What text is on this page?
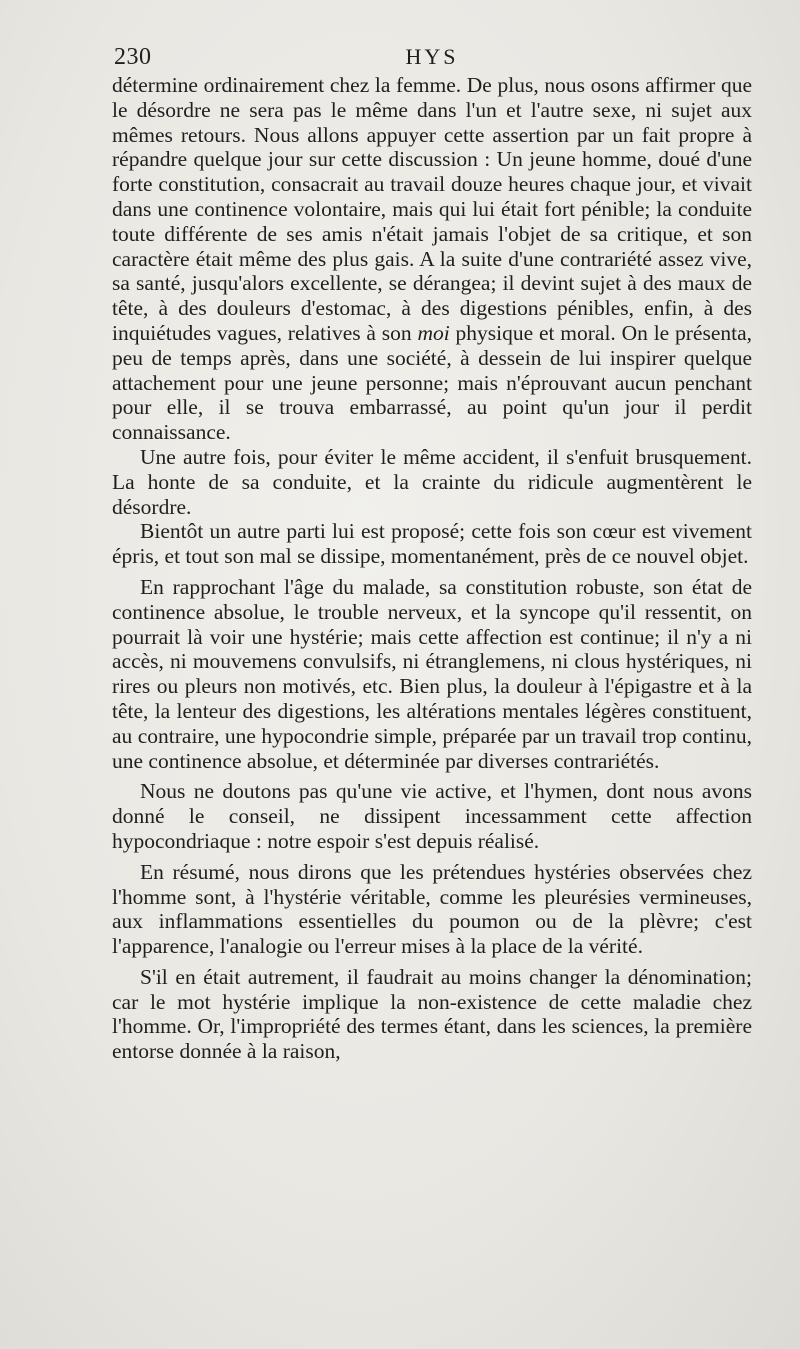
230	HYS

détermine ordinairement chez la femme. De plus, nous osons affirmer que le désordre ne sera pas le même dans l'un et l'autre sexe, ni sujet aux mêmes retours. Nous allons appuyer cette assertion par un fait propre à répandre quelque jour sur cette discussion : Un jeune homme, doué d'une forte constitution, consacrait au travail douze heures chaque jour, et vivait dans une continence volontaire, mais qui lui était fort pénible; la conduite toute différente de ses amis n'était jamais l'objet de sa critique, et son caractère était même des plus gais. A la suite d'une contrariété assez vive, sa santé, jusqu'alors excellente, se dérangea; il devint sujet à des maux de tête, à des douleurs d'estomac, à des digestions pénibles, enfin, à des inquiétudes vagues, relatives à son moi physique et moral. On le présenta, peu de temps après, dans une société, à dessein de lui inspirer quelque attachement pour une jeune personne; mais n'éprouvant aucun penchant pour elle, il se trouva embarrassé, au point qu'un jour il perdit connaissance.

Une autre fois, pour éviter le même accident, il s'enfuit brusquement. La honte de sa conduite, et la crainte du ridicule augmentèrent le désordre.

Bientôt un autre parti lui est proposé; cette fois son cœur est vivement épris, et tout son mal se dissipe, momentanément, près de ce nouvel objet.

En rapprochant l'âge du malade, sa constitution robuste, son état de continence absolue, le trouble nerveux, et la syncope qu'il ressentit, on pourrait là voir une hystérie; mais cette affection est continue; il n'y a ni accès, ni mouvemens convulsifs, ni étranglemens, ni clous hystériques, ni rires ou pleurs non motivés, etc. Bien plus, la douleur à l'épigastre et à la tête, la lenteur des digestions, les altérations mentales légères constituent, au contraire, une hypocondrie simple, préparée par un travail trop continu, une continence absolue, et déterminée par diverses contrariétés.

Nous ne doutons pas qu'une vie active, et l'hymen, dont nous avons donné le conseil, ne dissipent incessamment cette affection hypocondriaque : notre espoir s'est depuis réalisé.

En résumé, nous dirons que les prétendues hystéries observées chez l'homme sont, à l'hystérie véritable, comme les pleurésies vermineuses, aux inflammations essentielles du poumon ou de la plèvre; c'est l'apparence, l'analogie ou l'erreur mises à la place de la vérité.

S'il en était autrement, il faudrait au moins changer la dénomination; car le mot hystérie implique la non-existence de cette maladie chez l'homme. Or, l'impropriété des termes étant, dans les sciences, la première entorse donnée à la raison,
